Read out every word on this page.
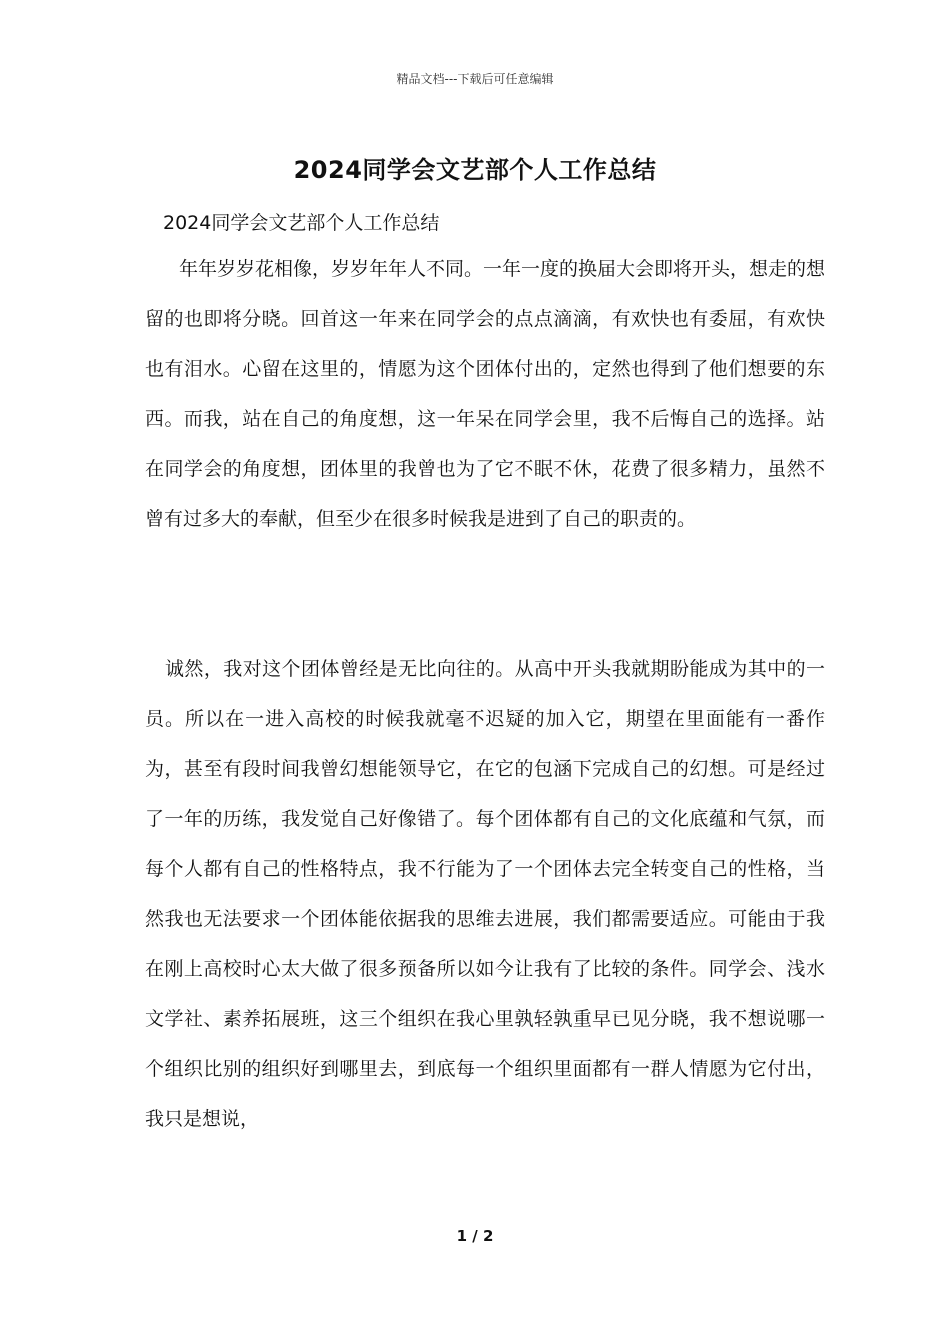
精品文档---下载后可任意编辑
2024同学会文艺部个人工作总结
2024同学会文艺部个人工作总结

年年岁岁花相像，岁岁年年人不同。一年一度的换届大会即将开头，想走的想留的也即将分晓。回首这一年来在同学会的点点滴滴，有欢快也有委屈，有欢快 也有泪水。心留在这里的，情愿为这个团体付出的，定然也得到了他们想要的东西。而我，站在自己的角度想，这一年呆在同学会里，我不后悔自己的选择。站在同学会的角度想，团体里的我曾也为了它不眠不休，花费了很多精力，虽然不曾有过多大的奉献，但至少在很多时候我是进到了自己的职责的。

诚然，我对这个团体曾经是无比向往的。从高中开头我就期盼能成为其中的一员。所以在一进入高校的时候我就毫不迟疑的加入它，期望在里面能有一番作为，甚至有段时间我曾幻想能领导它，在它的包涵下完成自己的幻想。可是经过了一年的历练，我发觉自己好像错了。每个团体都有自己的文化底蕴和气氛，而每个人都有自己的性格特点，我不行能为了一个团体去完全转变自己的性格，当然我也无法要求一个团体能依据我的思维去进展，我们都需要适应。可能由于我在刚上高校时心太大做了很多预备所以如今让我有了比较的条件。同学会、浅水文学社、素养拓展班，这三个组织在我心里孰轻孰重早已见分晓，我不想说哪一个组织比别的组织好到哪里去，到底每一个组织里面都有一群人情愿为它付出，我只是想说，

1 / 2
